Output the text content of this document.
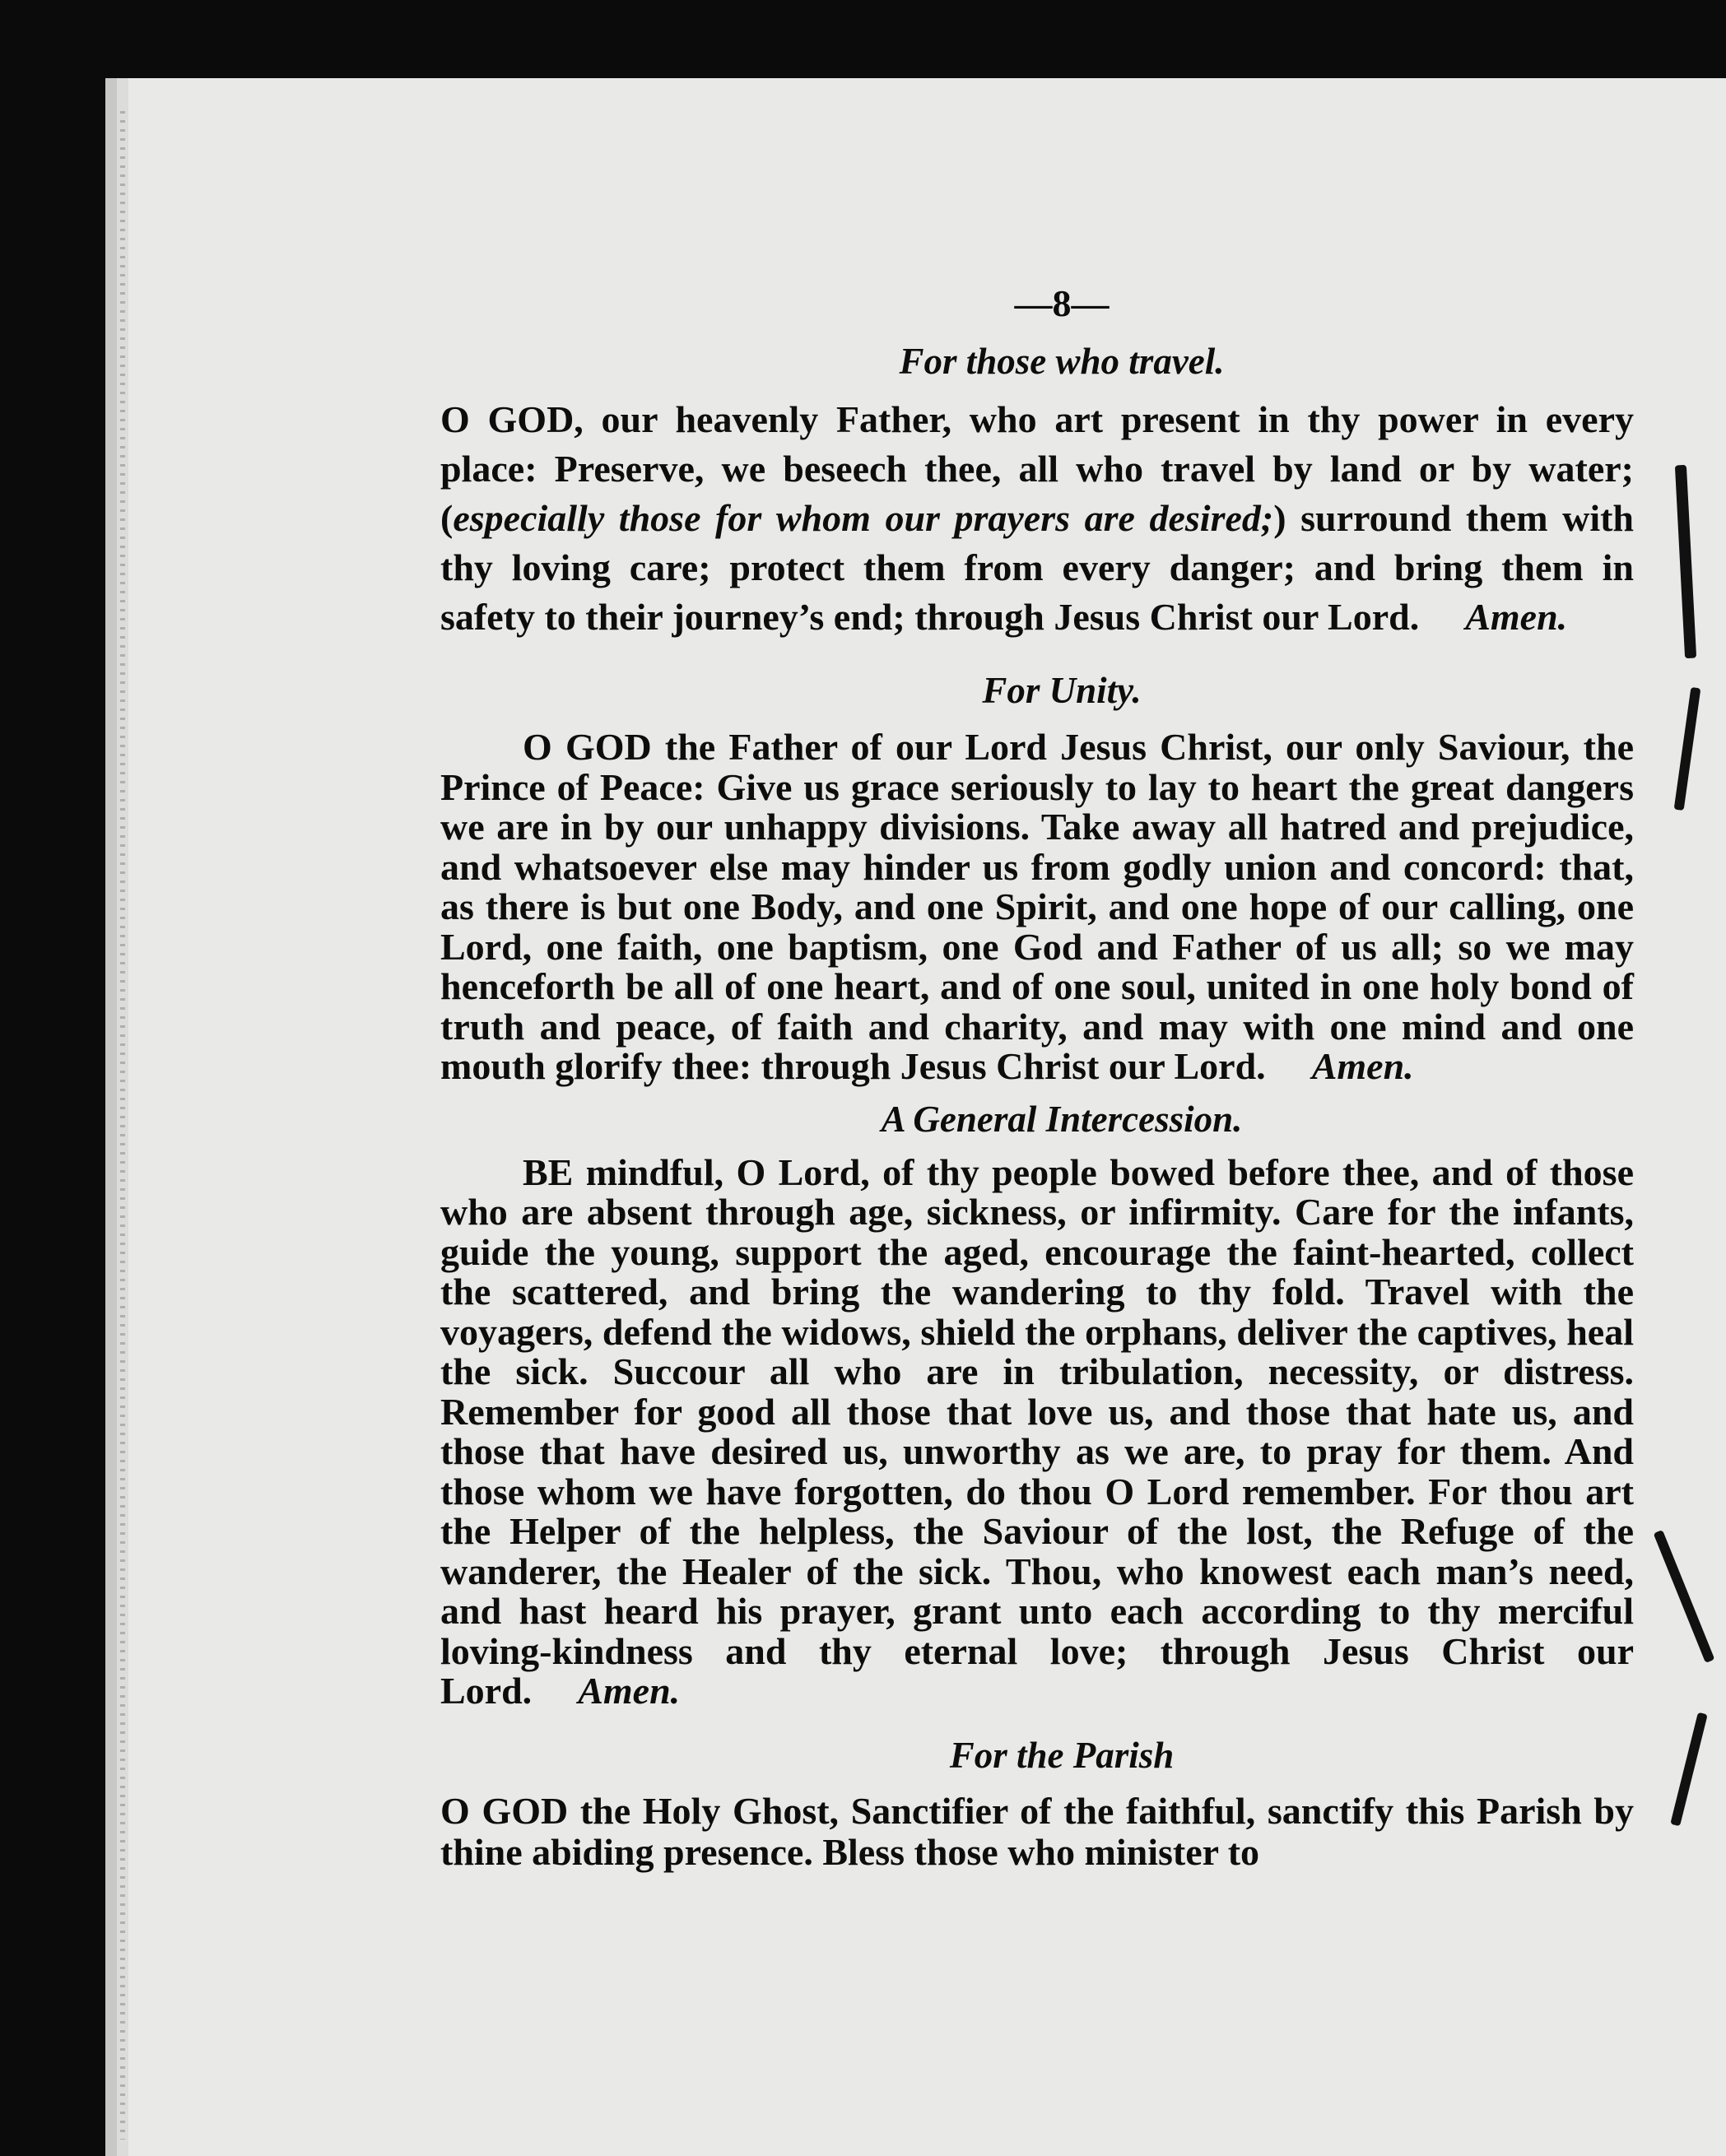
—8—
For those who travel.

O GOD, our heavenly Father, who art present in thy power in every place: Preserve, we beseech thee, all who travel by land or by water; (especially those for whom our prayers are desired;) surround them with thy loving care; protect them from every danger; and bring them in safety to their journey’s end; through Jesus Christ our Lord. Amen.

For Unity.

O GOD the Father of our Lord Jesus Christ, our only Saviour, the Prince of Peace: Give us grace seriously to lay to heart the great dangers we are in by our unhappy divisions. Take away all hatred and prejudice, and whatsoever else may hinder us from godly union and concord: that, as there is but one Body, and one Spirit, and one hope of our calling, one Lord, one faith, one baptism, one God and Father of us all; so we may henceforth be all of one heart, and of one soul, united in one holy bond of truth and peace, of faith and charity, and may with one mind and one mouth glorify thee: through Jesus Christ our Lord. Amen.

A General Intercession.

BE mindful, O Lord, of thy people bowed before thee, and of those who are absent through age, sickness, or infirmity. Care for the infants, guide the young, support the aged, encourage the faint-hearted, collect the scattered, and bring the wandering to thy fold. Travel with the voyagers, defend the widows, shield the orphans, deliver the captives, heal the sick. Succour all who are in tribulation, necessity, or distress. Remember for good all those that love us, and those that hate us, and those that have desired us, unworthy as we are, to pray for them. And those whom we have forgotten, do thou O Lord remember. For thou art the Helper of the helpless, the Saviour of the lost, the Refuge of the wanderer, the Healer of the sick. Thou, who knowest each man’s need, and hast heard his prayer, grant unto each according to thy merciful loving-kindness and thy eternal love; through Jesus Christ our Lord. Amen.

For the Parish

O GOD the Holy Ghost, Sanctifier of the faithful, sanctify this Parish by thine abiding presence. Bless those who minister to
